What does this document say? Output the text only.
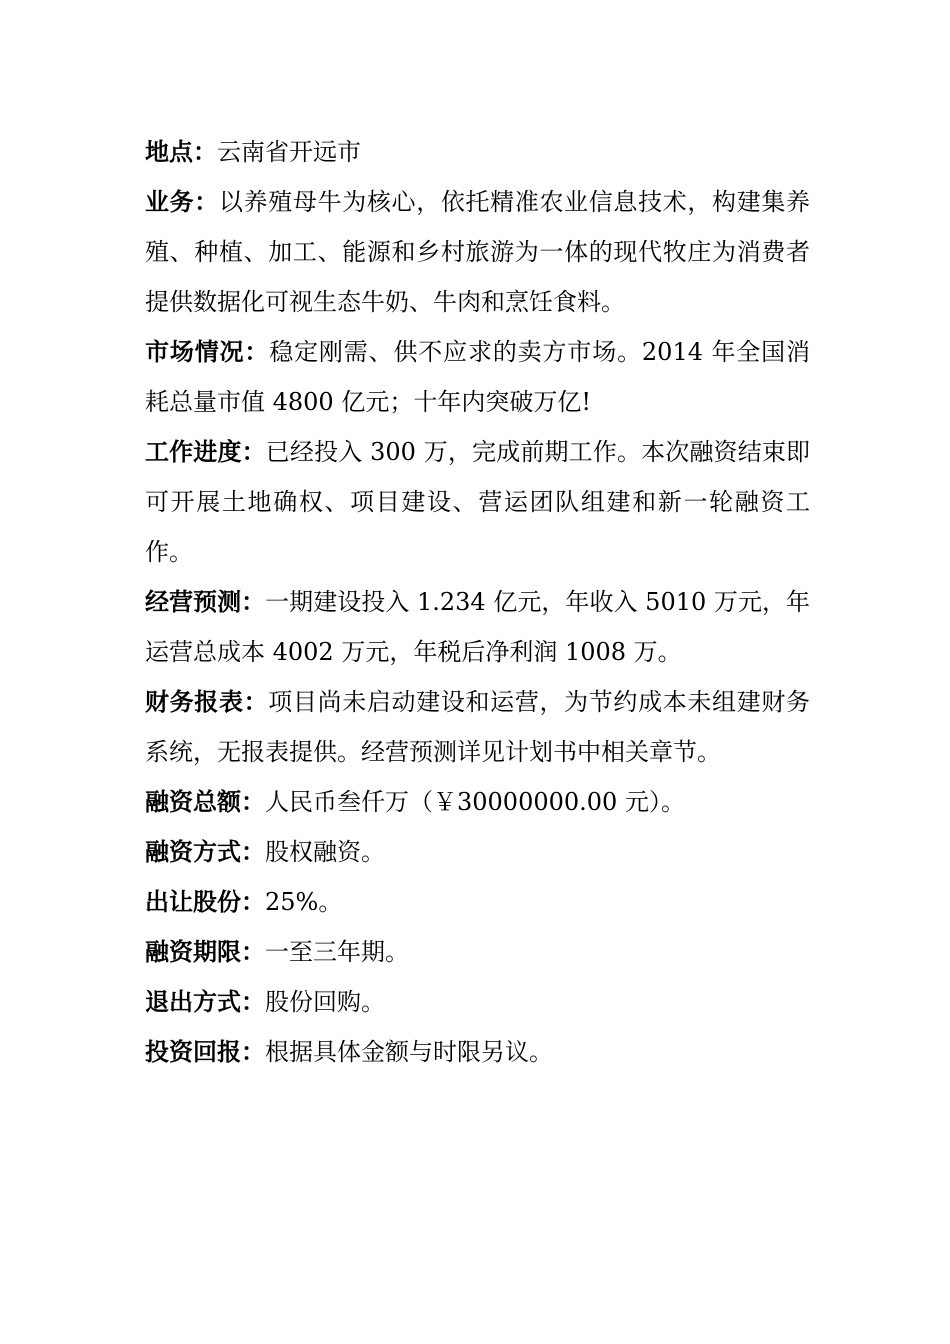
地点：云南省开远市

业务：以养殖母牛为核心，依托精准农业信息技术，构建集养殖、种植、加工、能源和乡村旅游为一体的现代牧庄为消费者提供数据化可视生态牛奶、牛肉和烹饪食料。

市场情况：稳定刚需、供不应求的卖方市场。2014 年全国消耗总量市值 4800 亿元；十年内突破万亿!

工作进度：已经投入 300 万，完成前期工作。本次融资结束即可开展土地确权、项目建设、营运团队组建和新一轮融资工作。

经营预测：一期建设投入 1.234 亿元，年收入 5010 万元，年运营总成本 4002 万元，年税后净利润 1008 万。

财务报表：项目尚未启动建设和运营，为节约成本未组建财务系统，无报表提供。经营预测详见计划书中相关章节。

融资总额：人民币叁仟万（￥30000000.00 元）。

融资方式：股权融资。

出让股份：25%。

融资期限：一至三年期。

退出方式：股份回购。

投资回报：根据具体金额与时限另议。
